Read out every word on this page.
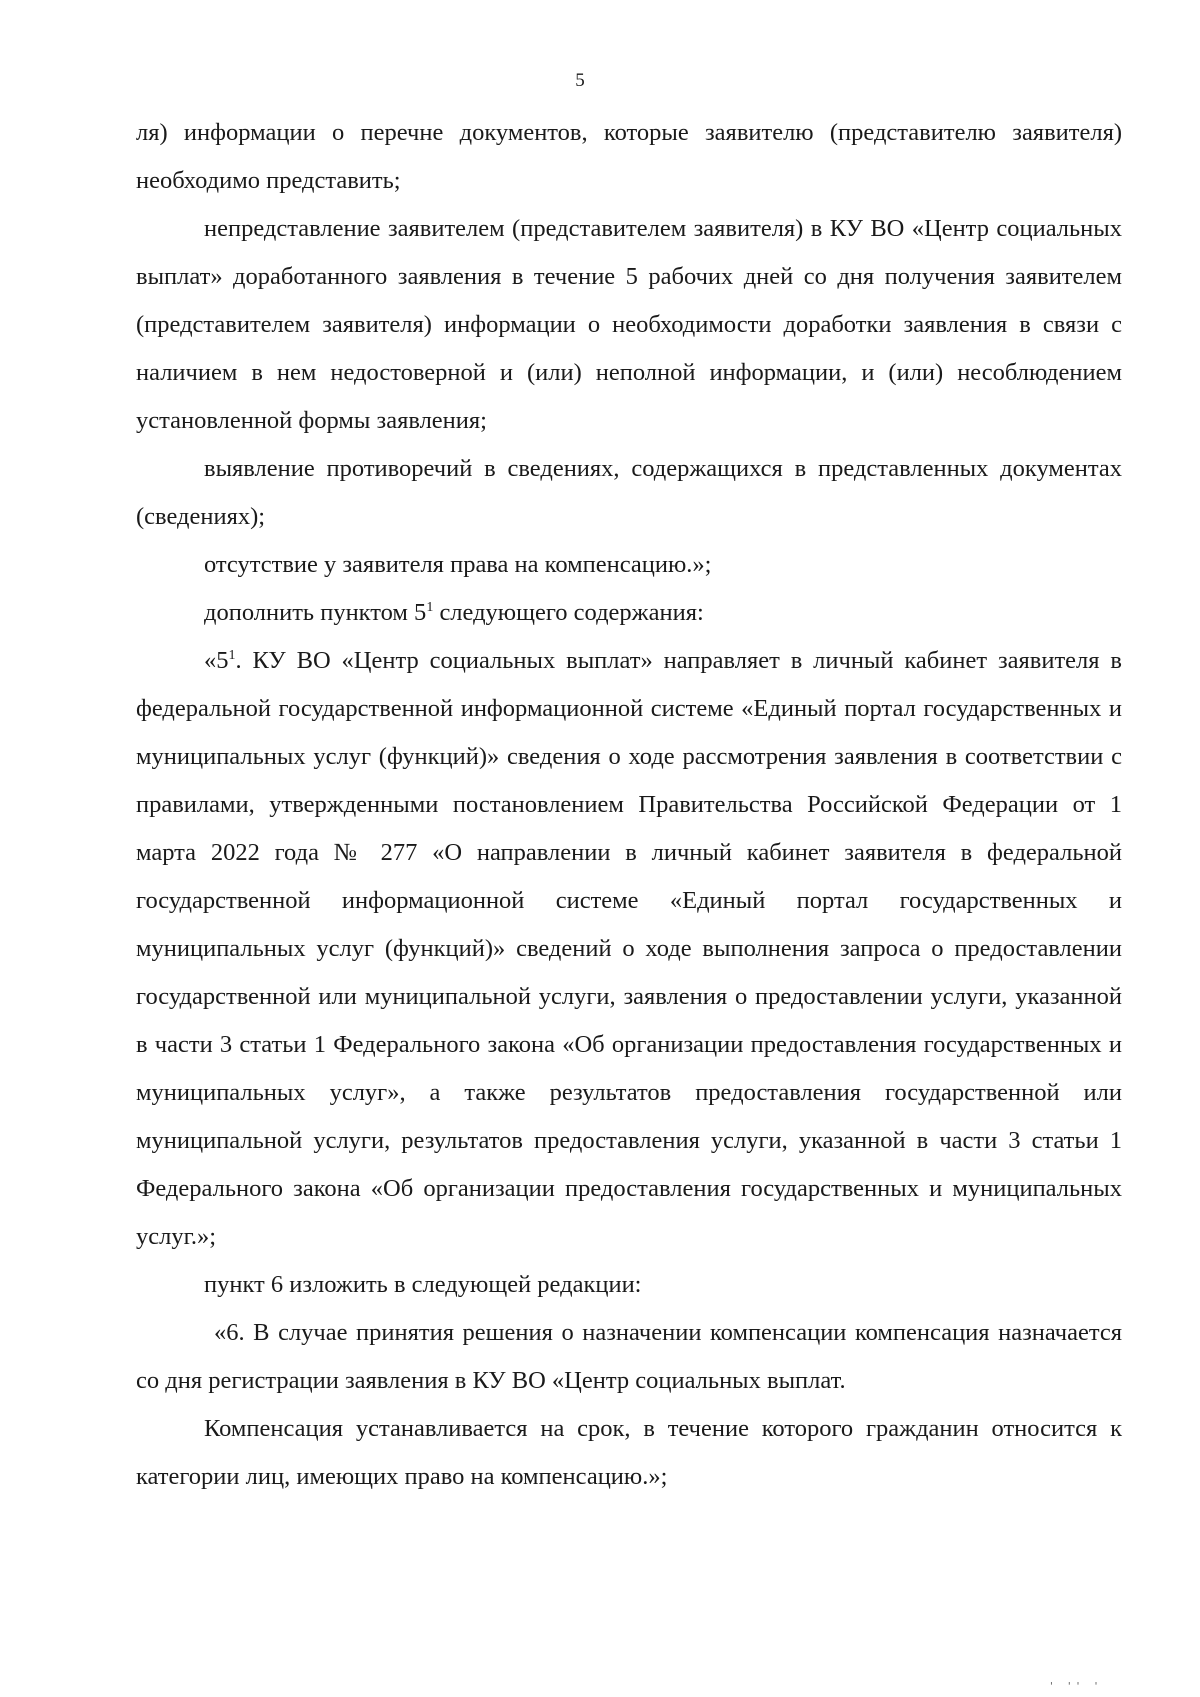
5

ля) информации о перечне документов, которые заявителю (представителю заявителя) необходимо представить;

непредставление заявителем (представителем заявителя) в КУ ВО «Центр социальных выплат» доработанного заявления в течение 5 рабочих дней со дня получения заявителем (представителем заявителя) информации о необходимости доработки заявления в связи с наличием в нем недостоверной и (или) неполной информации, и (или) несоблюдением установленной формы заявления;

выявление противоречий в сведениях, содержащихся в представленных документах (сведениях);

отсутствие у заявителя права на компенсацию.»;

дополнить пунктом $5^1$ следующего содержания:

«$5^1$. КУ ВО «Центр социальных выплат» направляет в личный кабинет заявителя в федеральной государственной информационной системе «Единый портал государственных и муниципальных услуг (функций)» сведения о ходе рассмотрения заявления в соответствии с правилами, утвержденными постановлением Правительства Российской Федерации от 1 марта 2022 года № 277 «О направлении в личный кабинет заявителя в федеральной государственной информационной системе «Единый портал государственных и муниципальных услуг (функций)» сведений о ходе выполнения запроса о предоставлении государственной или муниципальной услуги, заявления о предоставлении услуги, указанной в части 3 статьи 1 Федерального закона «Об организации предоставления государственных и муниципальных услуг», а также результатов предоставления государственной или муниципальной услуги, результатов предоставления услуги, указанной в части 3 статьи 1 Федерального закона «Об организации предоставления государственных и муниципальных услуг.»;

пункт 6 изложить в следующей редакции:

«6. В случае принятия решения о назначении компенсации компенсация назначается со дня регистрации заявления в КУ ВО «Центр социальных выплат.

Компенсация устанавливается на срок, в течение которого гражданин относится к категории лиц, имеющих право на компенсацию.»;

' '' '
